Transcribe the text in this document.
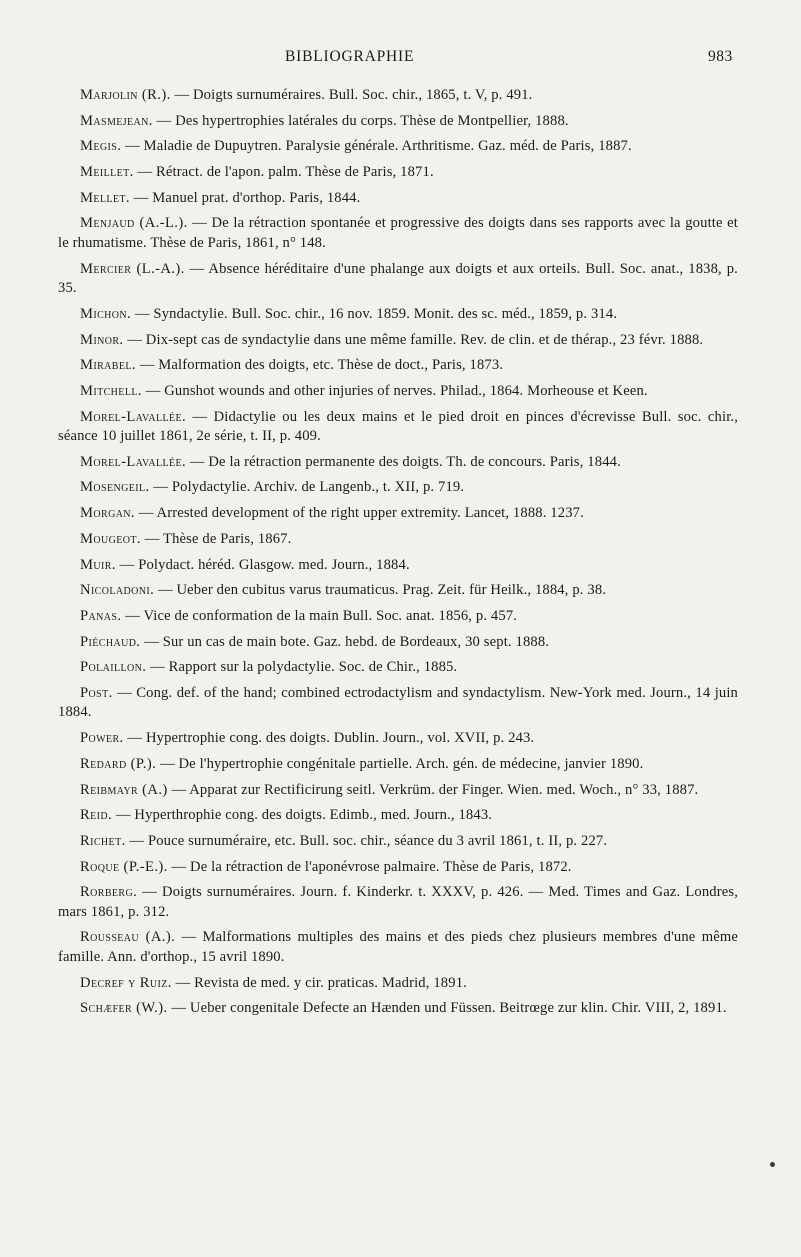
BIBLIOGRAPHIE	983

Marjolin (R.). — Doigts surnuméraires. Bull. Soc. chir., 1865, t. V, p. 491.

Masmejean. — Des hypertrophies latérales du corps. Thèse de Montpellier, 1888.

Megis. — Maladie de Dupuytren. Paralysie générale. Arthritisme. Gaz. méd. de Paris, 1887.

Meillet. — Rétract. de l'apon. palm. Thèse de Paris, 1871.

Mellet. — Manuel prat. d'orthop. Paris, 1844.

Menjaud (A.-L.). — De la rétraction spontanée et progressive des doigts dans ses rapports avec la goutte et le rhumatisme. Thèse de Paris, 1861, n° 148.

Mercier (L.-A.). — Absence héréditaire d'une phalange aux doigts et aux orteils. Bull. Soc. anat., 1838, p. 35.

Michon. — Syndactylie. Bull. Soc. chir., 16 nov. 1859. Monit. des sc. méd., 1859, p. 314.

Minor. — Dix-sept cas de syndactylie dans une même famille. Rev. de clin. et de thérap., 23 févr. 1888.

Mirabel. — Malformation des doigts, etc. Thèse de doct., Paris, 1873.

Mitchell. — Gunshot wounds and other injuries of nerves. Philad., 1864. Morheouse et Keen.

Morel-Lavallée. — Didactylie ou les deux mains et le pied droit en pinces d'écrevisse Bull. soc. chir., séance 10 juillet 1861, 2e série, t. II, p. 409.

Morel-Lavallée. — De la rétraction permanente des doigts. Th. de concours. Paris, 1844.

Mosengeil. — Polydactylie. Archiv. de Langenb., t. XII, p. 719.

Morgan. — Arrested development of the right upper extremity. Lancet, 1888. 1237.

Mougeot. — Thèse de Paris, 1867.

Muir. — Polydact. héréd. Glasgow. med. Journ., 1884.

Nicoladoni. — Ueber den cubitus varus traumaticus. Prag. Zeit. für Heilk., 1884, p. 38.

Panas. — Vice de conformation de la main Bull. Soc. anat. 1856, p. 457.

Piéchaud. — Sur un cas de main bote. Gaz. hebd. de Bordeaux, 30 sept. 1888.

Polaillon. — Rapport sur la polydactylie. Soc. de Chir., 1885.

Post. — Cong. def. of the hand; combined ectrodactylism and syndactylism. New-York med. Journ., 14 juin 1884.

Power. — Hypertrophie cong. des doigts. Dublin. Journ., vol. XVII, p. 243.

Redard (P.). — De l'hypertrophie congénitale partielle. Arch. gén. de médecine, janvier 1890.

Reibmayr (A.) — Apparat zur Rectificirung seitl. Verkrüm. der Finger. Wien. med. Woch., n° 33, 1887.

Reid. — Hyperthrophie cong. des doigts. Edimb., med. Journ., 1843.

Richet. — Pouce surnuméraire, etc. Bull. soc. chir., séance du 3 avril 1861, t. II, p. 227.

Roque (P.-E.). — De la rétraction de l'aponévrose palmaire. Thèse de Paris, 1872.

Rorberg. — Doigts surnuméraires. Journ. f. Kinderkr. t. XXXV, p. 426. — Med. Times and Gaz. Londres, mars 1861, p. 312.

Rousseau (A.). — Malformations multiples des mains et des pieds chez plusieurs membres d'une même famille. Ann. d'orthop., 15 avril 1890.

Decref y Ruiz. — Revista de med. y cir. praticas. Madrid, 1891.

Schæfer (W.). — Ueber congenitale Defecte an Hænden und Füssen. Beitrœge zur klin. Chir. VIII, 2, 1891.
